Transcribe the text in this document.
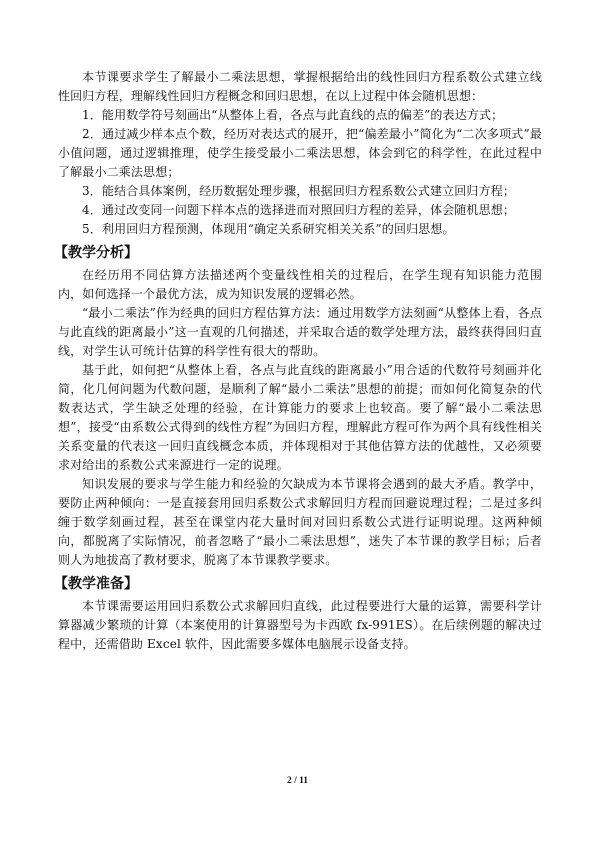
本节课要求学生了解最小二乘法思想，掌握根据给出的线性回归方程系数公式建立线性回归方程，理解线性回归方程概念和回归思想，在以上过程中体会随机思想：

1．能用数学符号刻画出“从整体上看，各点与此直线的点的偏差”的表达方式；

2．通过减少样本点个数，经历对表达式的展开，把“偏差最小”简化为“二次多项式”最小值问题，通过逻辑推理，使学生接受最小二乘法思想，体会到它的科学性，在此过程中了解最小二乘法思想；

3．能结合具体案例，经历数据处理步骤，根据回归方程系数公式建立回归方程；

4．通过改变同一问题下样本点的选择进而对照回归方程的差异，体会随机思想；

5．利用回归方程预测，体现用“确定关系研究相关关系”的回归思想。

【教学分析】

在经历用不同估算方法描述两个变量线性相关的过程后，在学生现有知识能力范围内，如何选择一个最优方法，成为知识发展的逻辑必然。

“最小二乘法”作为经典的回归方程估算方法：通过用数学方法刻画“从整体上看，各点与此直线的距离最小”这一直观的几何描述，并采取合适的数学处理方法，最终获得回归直线，对学生认可统计估算的科学性有很大的帮助。

基于此，如何把“从整体上看，各点与此直线的距离最小”用合适的代数符号刻画并化简，化几何问题为代数问题，是顺利了解“最小二乘法”思想的前提；而如何化简复杂的代数表达式，学生缺乏处理的经验，在计算能力的要求上也较高。要了解“最小二乘法思想”，接受“由系数公式得到的线性方程”为回归方程，理解此方程可作为两个具有线性相关关系变量的代表这一回归直线概念本质，并体现相对于其他估算方法的优越性，又必须要求对给出的系数公式来源进行一定的说理。

知识发展的要求与学生能力和经验的欠缺成为本节课将会遇到的最大矛盾。教学中，要防止两种倾向：一是直接套用回归系数公式求解回归方程而回避说理过程；二是过多纠缠于数学刻画过程，甚至在课堂内花大量时间对回归系数公式进行证明说理。这两种倾向，都脱离了实际情况，前者忽略了“最小二乘法思想”，迷失了本节课的教学目标；后者则人为地拔高了教材要求，脱离了本节课教学要求。

【教学准备】

本节课需要运用回归系数公式求解回归直线，此过程要进行大量的运算，需要科学计算器减少繁琐的计算（本案使用的计算器型号为卡西欧 fx-991ES）。在后续例题的解决过程中，还需借助 Excel 软件，因此需要多媒体电脑展示设备支持。

2 / 11
